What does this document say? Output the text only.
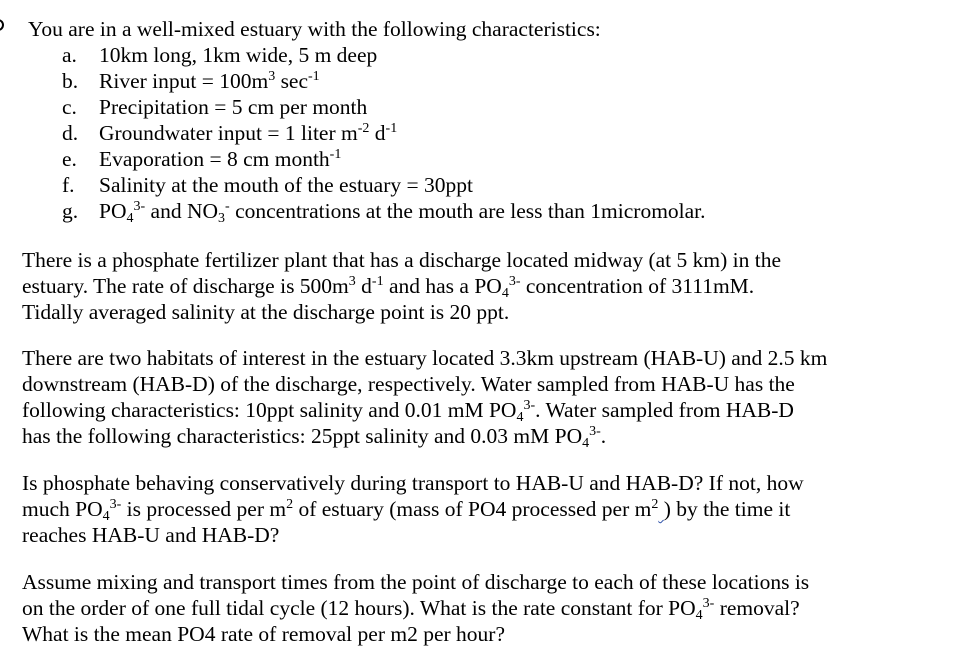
You are in a well-mixed estuary with the following characteristics:
a. 10km long, 1km wide, 5 m deep
b. River input = $100m^3$ $\sec^{-1}$
c. Precipitation = 5 cm per month
d. Groundwater input = 1 liter $m^{-2}$ $d^{-1}$
e. Evaporation = 8 cm month$^{-1}$
f. Salinity at the mouth of the estuary = 30ppt
g. $PO_4^{3-}$ and $NO_3^-$ concentrations at the mouth are less than 1micromolar.
There is a phosphate fertilizer plant that has a discharge located midway (at 5 km) in the
estuary. The rate of discharge is $500m^3$ $d^{-1}$ and has a $PO_4^{3-}$ concentration of 3111mM.
Tidally averaged salinity at the discharge point is 20 ppt.
There are two habitats of interest in the estuary located 3.3km upstream (HAB-U) and 2.5 km
downstream (HAB-D) of the discharge, respectively. Water sampled from HAB-U has the
following characteristics: 10ppt salinity and 0.01 mM $PO_4^{3-}$. Water sampled from HAB-D
has the following characteristics: 25ppt salinity and 0.03 mM $PO_4^{3-}$.
Is phosphate behaving conservatively during transport to HAB-U and HAB-D? If not, how
much $PO_4^{3-}$ is processed per $m^2$ of estuary (mass of PO4 processed per $m^2$ ) by the time it
reaches HAB-U and HAB-D?
Assume mixing and transport times from the point of discharge to each of these locations is
on the order of one full tidal cycle (12 hours). What is the rate constant for $PO_4^{3-}$ removal?
What is the mean PO4 rate of removal per m2 per hour?
